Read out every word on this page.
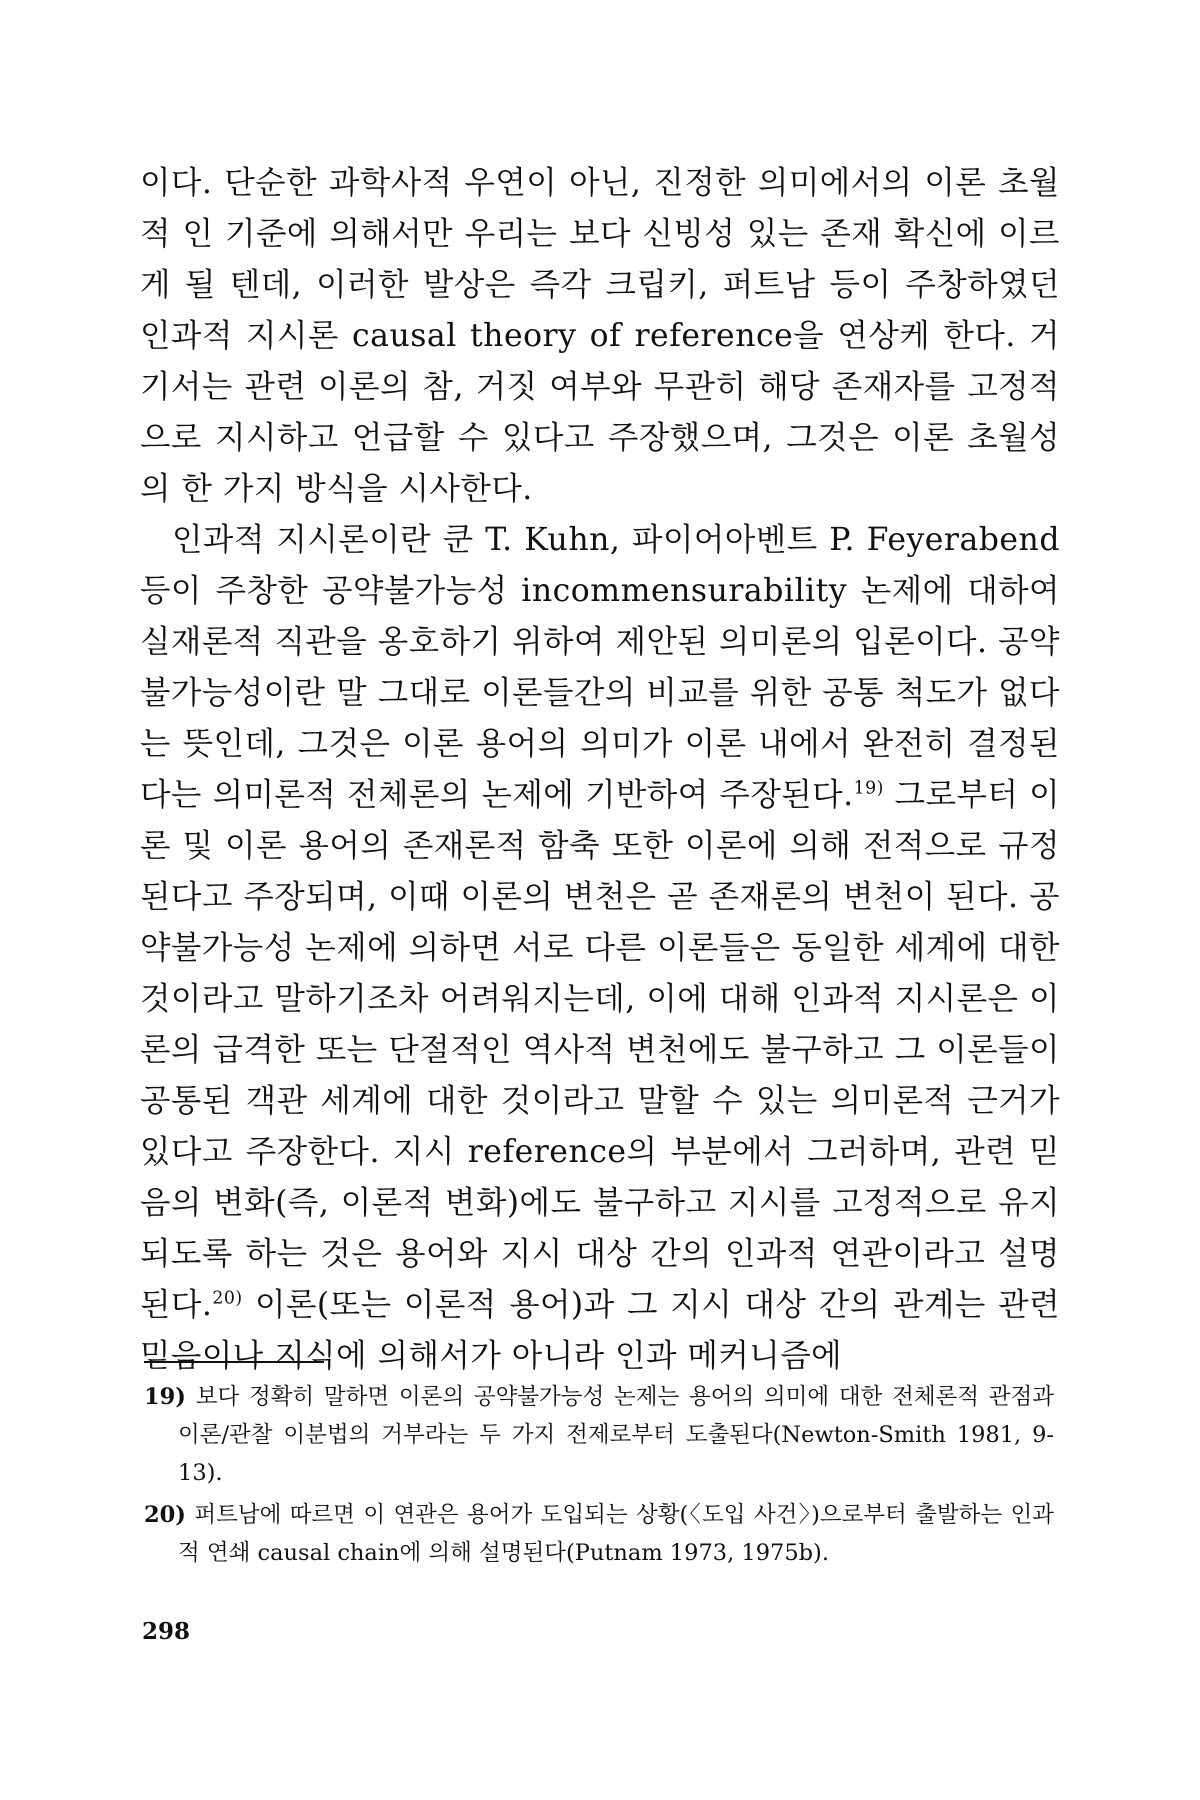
이다. 단순한 과학사적 우연이 아닌, 진정한 의미에서의 이론 초월적 인 기준에 의해서만 우리는 보다 신빙성 있는 존재 확신에 이르게 될 텐데, 이러한 발상은 즉각 크립키, 퍼트남 등이 주창하였던 인과적 지시론 causal theory of reference을 연상케 한다. 거기서는 관련 이론의 참, 거짓 여부와 무관히 해당 존재자를 고정적으로 지시하고 언급할 수 있다고 주장했으며, 그것은 이론 초월성의 한 가지 방식을 시사한다.

인과적 지시론이란 쿤 T. Kuhn, 파이어아벤트 P. Feyerabend 등이 주창한 공약불가능성 incommensurability 논제에 대하여 실재론적 직관을 옹호하기 위하여 제안된 의미론의 입론이다. 공약불가능성이란 말 그대로 이론들간의 비교를 위한 공통 척도가 없다는 뜻인데, 그것은 이론 용어의 의미가 이론 내에서 완전히 결정된다는 의미론적 전체론의 논제에 기반하여 주장된다.$^{19)}$ 그로부터 이론 및 이론 용어의 존재론적 함축 또한 이론에 의해 전적으로 규정된다고 주장되며, 이때 이론의 변천은 곧 존재론의 변천이 된다. 공약불가능성 논제에 의하면 서로 다른 이론들은 동일한 세계에 대한 것이라고 말하기조차 어려워지는데, 이에 대해 인과적 지시론은 이론의 급격한 또는 단절적인 역사적 변천에도 불구하고 그 이론들이 공통된 객관 세계에 대한 것이라고 말할 수 있는 의미론적 근거가 있다고 주장한다. 지시 reference의 부분에서 그러하며, 관련 믿음의 변화(즉, 이론적 변화)에도 불구하고 지시를 고정적으로 유지되도록 하는 것은 용어와 지시 대상 간의 인과적 연관이라고 설명된다.$^{20)}$ 이론(또는 이론적 용어)과 그 지시 대상 간의 관계는 관련 믿음이나 지식에 의해서가 아니라 인과 메커니즘에

19) 보다 정확히 말하면 이론의 공약불가능성 논제는 용어의 의미에 대한 전체론적 관점과 이론/관찰 이분법의 거부라는 두 가지 전제로부터 도출된다(Newton-Smith 1981, 9-13).

20) 퍼트남에 따르면 이 연관은 용어가 도입되는 상황(〈도입 사건〉)으로부터 출발하는 인과적 연쇄 causal chain에 의해 설명된다(Putnam 1973, 1975b).

298
